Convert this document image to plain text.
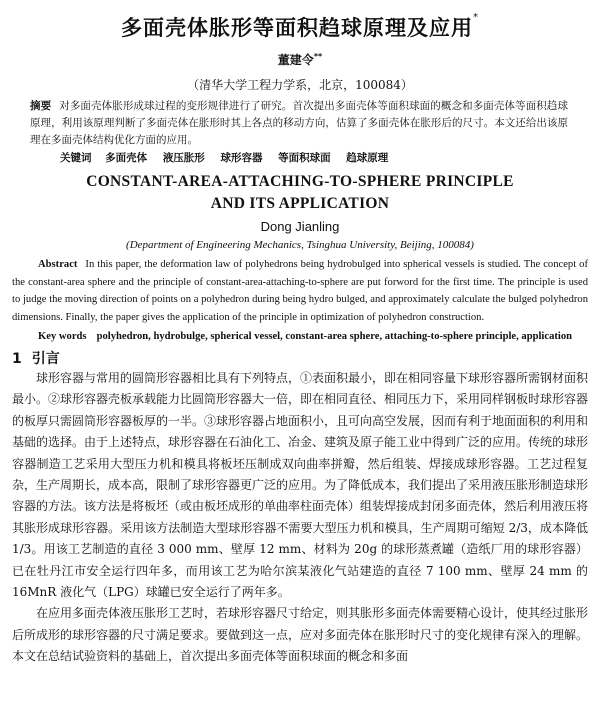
多面壳体胀形等面积趋球原理及应用*
董建令**
（清华大学工程力学系，北京，100084）
摘要 对多面壳体胀形成球过程的变形规律进行了研究。首次提出多面壳体等面积球面的概念和多面壳体等面积趋球原理，利用该原理判断了多面壳体在胀形时其上各点的移动方向，估算了多面壳体在胀形后的尺寸。本文还给出该原理在多面壳体结构优化方面的应用。
关键词 多面壳体 液压胀形 球形容器 等面积球面 趋球原理
CONSTANT-AREA-ATTACHING-TO-SPHERE PRINCIPLE
AND ITS APPLICATION
Dong Jianling
(Department of Engineering Mechanics, Tsinghua University, Beijing, 100084)
Abstract In this paper, the deformation law of polyhedrons being hydrobulged into spherical vessels is studied. The concept of the constant-area sphere and the principle of constant-area-attaching-to-sphere are put forword for the first time. The principle is used to judge the moving direction of points on a polyhedron during being hydro bulged, and approximately calculate the bulged polyhedron dimensions. Finally, the paper gives the application of the principle in optimization of polyhedron construction.
Key words polyhedron, hydrobulge, spherical vessel, constant-area sphere, attaching-to-sphere principle, application
1 引言

球形容器与常用的圆筒形容器相比具有下列特点，①表面积最小，即在相同容量下球形容器所需钢材面积最小。②球形容器壳板承载能力比圆筒形容器大一倍，即在相同直径、相同压力下，采用同样钢板时球形容器的板厚只需圆筒形容器板厚的一半。③球形容器占地面积小，且可向高空发展，因而有利于地面面积的利用和基础的选择。由于上述特点，球形容器在石油化工、冶金、建筑及原子能工业中得到广泛的应用。传统的球形容器制造工艺采用大型压力机和模具将板坯压制成双向曲率拼瓣，然后组装、焊接成球形容器。工艺过程复杂，生产周期长，成本高，限制了球形容器更广泛的应用。为了降低成本，我们提出了采用液压胀形制造球形容器的方法。该方法是将板坯（或由板坯成形的单曲率柱面壳体）组装焊接成封闭多面壳体，然后利用液压将其胀形成球形容器。采用该方法制造大型球形容器不需要大型压力机和模具，生产周期可缩短 2/3，成本降低 1/3。用该工艺制造的直径 3 000 mm、壁厚 12 mm、材料为 20g 的球形蒸煮罐（造纸厂用的球形容器）已在牡丹江市安全运行四年多，而用该工艺为哈尔滨某液化气站建造的直径 7 100 mm、壁厚 24 mm 的 16MnR 液化气（LPG）球罐已安全运行了两年多。

在应用多面壳体液压胀形工艺时，若球形容器尺寸给定，则其胀形多面壳体需要精心设计，使其经过胀形后所成形的球形容器的尺寸满足要求。要做到这一点，应对多面壳体在胀形时尺寸的变化规律有深入的理解。本文在总结试验资料的基础上，首次提出多面壳体等面积球面的概念和多面
